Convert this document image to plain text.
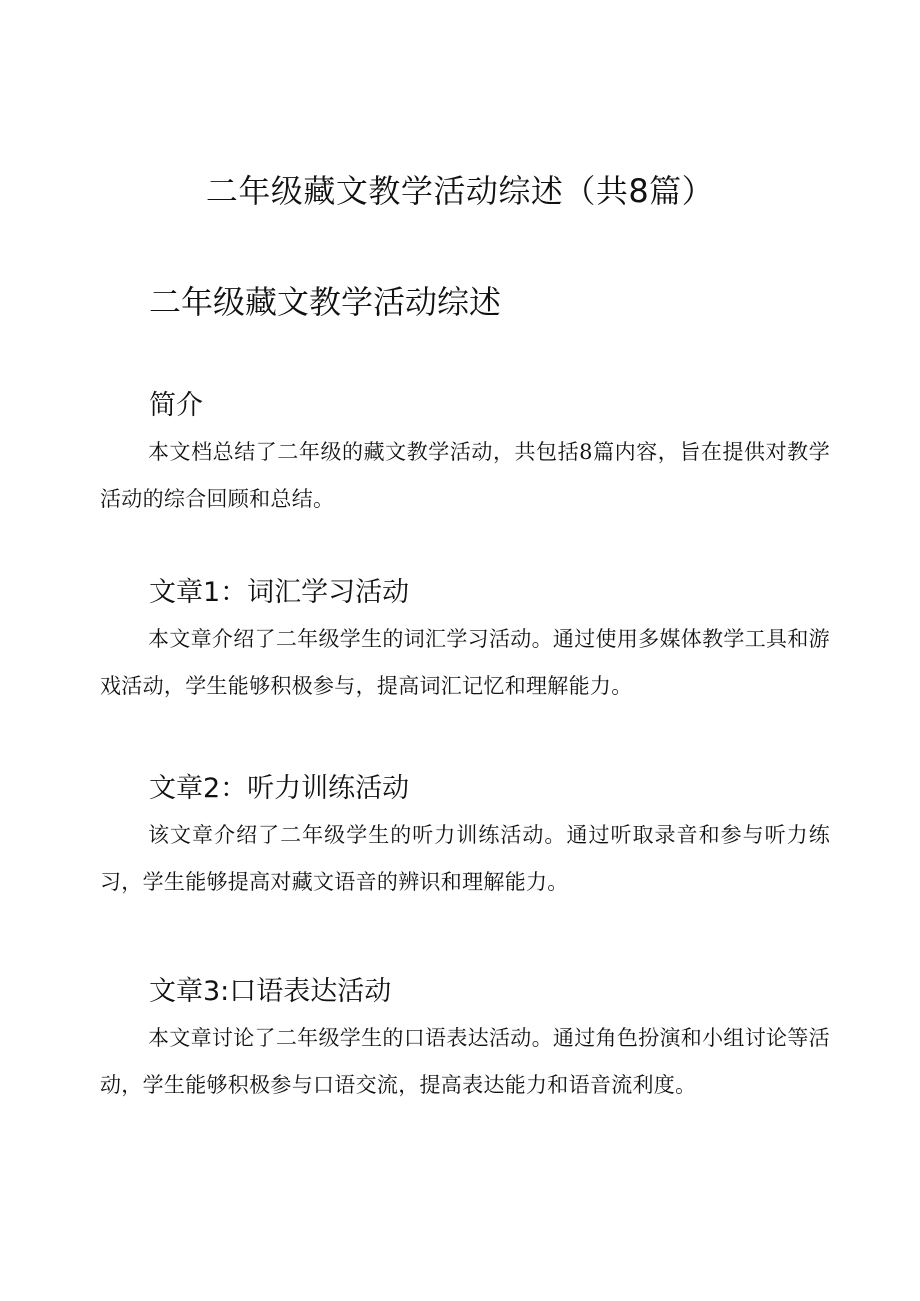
二年级藏文教学活动综述（共8篇）
二年级藏文教学活动综述
简介

本文档总结了二年级的藏文教学活动，共包括8篇内容，旨在提供对教学活动的综合回顾和总结。

文章1：词汇学习活动

本文章介绍了二年级学生的词汇学习活动。通过使用多媒体教学工具和游戏活动，学生能够积极参与，提高词汇记忆和理解能力。

文章2：听力训练活动

该文章介绍了二年级学生的听力训练活动。通过听取录音和参与听力练习，学生能够提高对藏文语音的辨识和理解能力。

文章3:口语表达活动

本文章讨论了二年级学生的口语表达活动。通过角色扮演和小组讨论等活动，学生能够积极参与口语交流，提高表达能力和语音流利度。
